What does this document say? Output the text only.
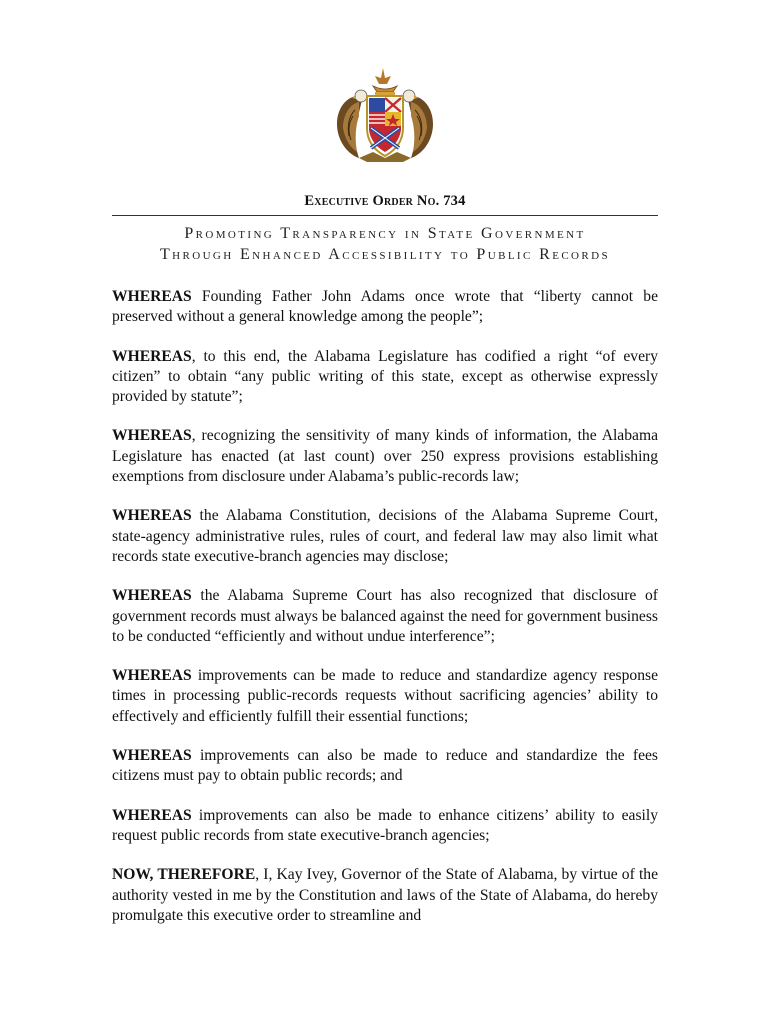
Executive Order No. 734
Promoting Transparency in State Government
Through Enhanced Accessibility to Public Records

WHEREAS Founding Father John Adams once wrote that “liberty cannot be preserved without a general knowledge among the people”;

WHEREAS, to this end, the Alabama Legislature has codified a right “of every citizen” to obtain “any public writing of this state, except as otherwise expressly provided by statute”;

WHEREAS, recognizing the sensitivity of many kinds of information, the Alabama Legislature has enacted (at last count) over 250 express provisions establishing exemptions from disclosure under Alabama’s public-records law;

WHEREAS the Alabama Constitution, decisions of the Alabama Supreme Court, state-agency administrative rules, rules of court, and federal law may also limit what records state executive-branch agencies may disclose;

WHEREAS the Alabama Supreme Court has also recognized that disclosure of government records must always be balanced against the need for government business to be conducted “efficiently and without undue interference”;

WHEREAS improvements can be made to reduce and standardize agency response times in processing public-records requests without sacrificing agencies’ ability to effectively and efficiently fulfill their essential functions;

WHEREAS improvements can also be made to reduce and standardize the fees citizens must pay to obtain public records; and

WHEREAS improvements can also be made to enhance citizens’ ability to easily request public records from state executive-branch agencies;

NOW, THEREFORE, I, Kay Ivey, Governor of the State of Alabama, by virtue of the authority vested in me by the Constitution and laws of the State of Alabama, do hereby promulgate this executive order to streamline and
